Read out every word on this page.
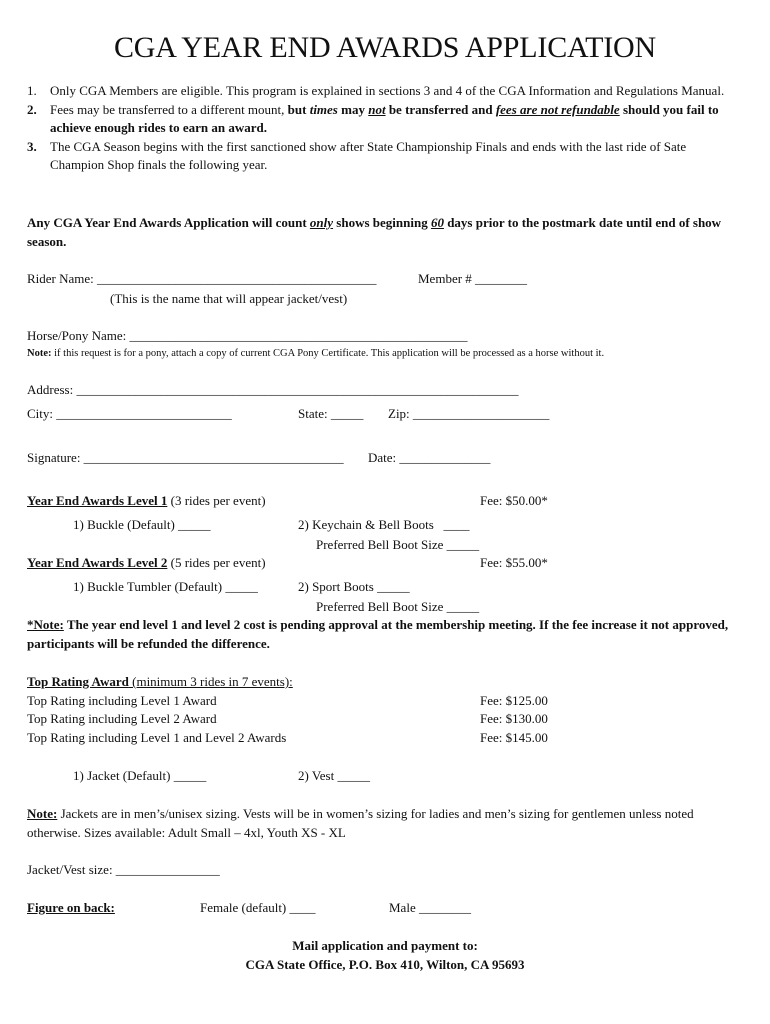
CGA YEAR END AWARDS APPLICATION
1. Only CGA Members are eligible. This program is explained in sections 3 and 4 of the CGA Information and Regulations Manual.
2. Fees may be transferred to a different mount, but times may not be transferred and fees are not refundable should you fail to achieve enough rides to earn an award.
3. The CGA Season begins with the first sanctioned show after State Championship Finals and ends with the last ride of Sate Champion Shop finals the following year.
Any CGA Year End Awards Application will count only shows beginning 60 days prior to the postmark date until end of show season.
Rider Name: ___________________________________________	Member # ________
(This is the name that will appear jacket/vest)
Horse/Pony Name: ____________________________________________________
Note: if this request is for a pony, attach a copy of current CGA Pony Certificate. This application will be processed as a horse without it.
Address: ____________________________________________________________________
City: ___________________________	State: _____ Zip: _____________________
Signature: ________________________________________ Date: ______________
Year End Awards Level 1 (3 rides per event)	Fee: $50.00*
1) Buckle (Default) _____	2) Keychain & Bell Boots   ____
Preferred Bell Boot Size _____
Year End Awards Level 2 (5 rides per event)	Fee: $55.00*
1) Buckle Tumbler (Default) _____	2) Sport Boots _____
Preferred Bell Boot Size _____
*Note: The year end level 1 and level 2 cost is pending approval at the membership meeting. If the fee increase it not approved, participants will be refunded the difference.
Top Rating Award (minimum 3 rides in 7 events):
Top Rating including Level 1 Award	Fee: $125.00
Top Rating including Level 2 Award	Fee: $130.00
Top Rating including Level 1 and Level 2 Awards	Fee: $145.00
1) Jacket (Default) _____	2) Vest _____
Note: Jackets are in men’s/unisex sizing. Vests will be in women’s sizing for ladies and men’s sizing for gentlemen unless noted otherwise. Sizes available: Adult Small – 4xl, Youth XS - XL
Jacket/Vest size: ________________
Figure on back:	Female (default) ____	Male ________
Mail application and payment to:
CGA State Office, P.O. Box 410, Wilton, CA 95693
